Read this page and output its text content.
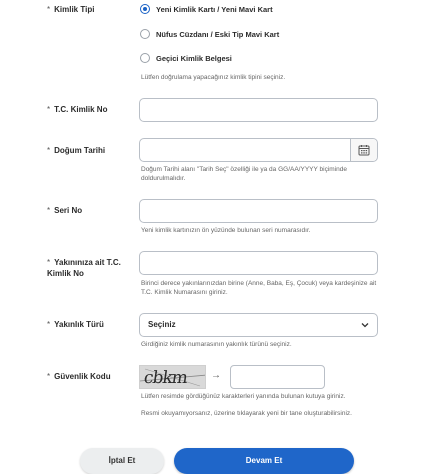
* Kimlik Tipi	Yeni Kimlik Kartı / Yeni Mavi Kart
Nüfus Cüzdanı / Eski Tip Mavi Kart
Geçici Kimlik Belgesi
Lütfen doğrulama yapacağınız kimlik tipini seçiniz.
* T.C. Kimlik No
* Doğum Tarihi
Doğum Tarihi alanı "Tarih Seç" özelliği ile ya da GG/AA/YYYY biçiminde doldurulmalıdır.
* Seri No
Yeni kimlik kartınızın ön yüzünde bulunan seri numarasıdır.
* Yakınınıza ait T.C. Kimlik No
Birinci derece yakınlarınızdan birine (Anne, Baba, Eş, Çocuk) veya kardeşinize ait T.C. Kimlik Numarasını giriniz.
* Yakınlık Türü	Seçiniz
Girdiğiniz kimlik numarasının yakınlık türünü seçiniz.
* Güvenlik Kodu cbkm →
Lütfen resimde gördüğünüz karakterleri yanında bulunan kutuya giriniz.
Resmi okuyamıyorsanız, üzerine tıklayarak yeni bir tane oluşturabilirsiniz.
İptal Et	Devam Et
